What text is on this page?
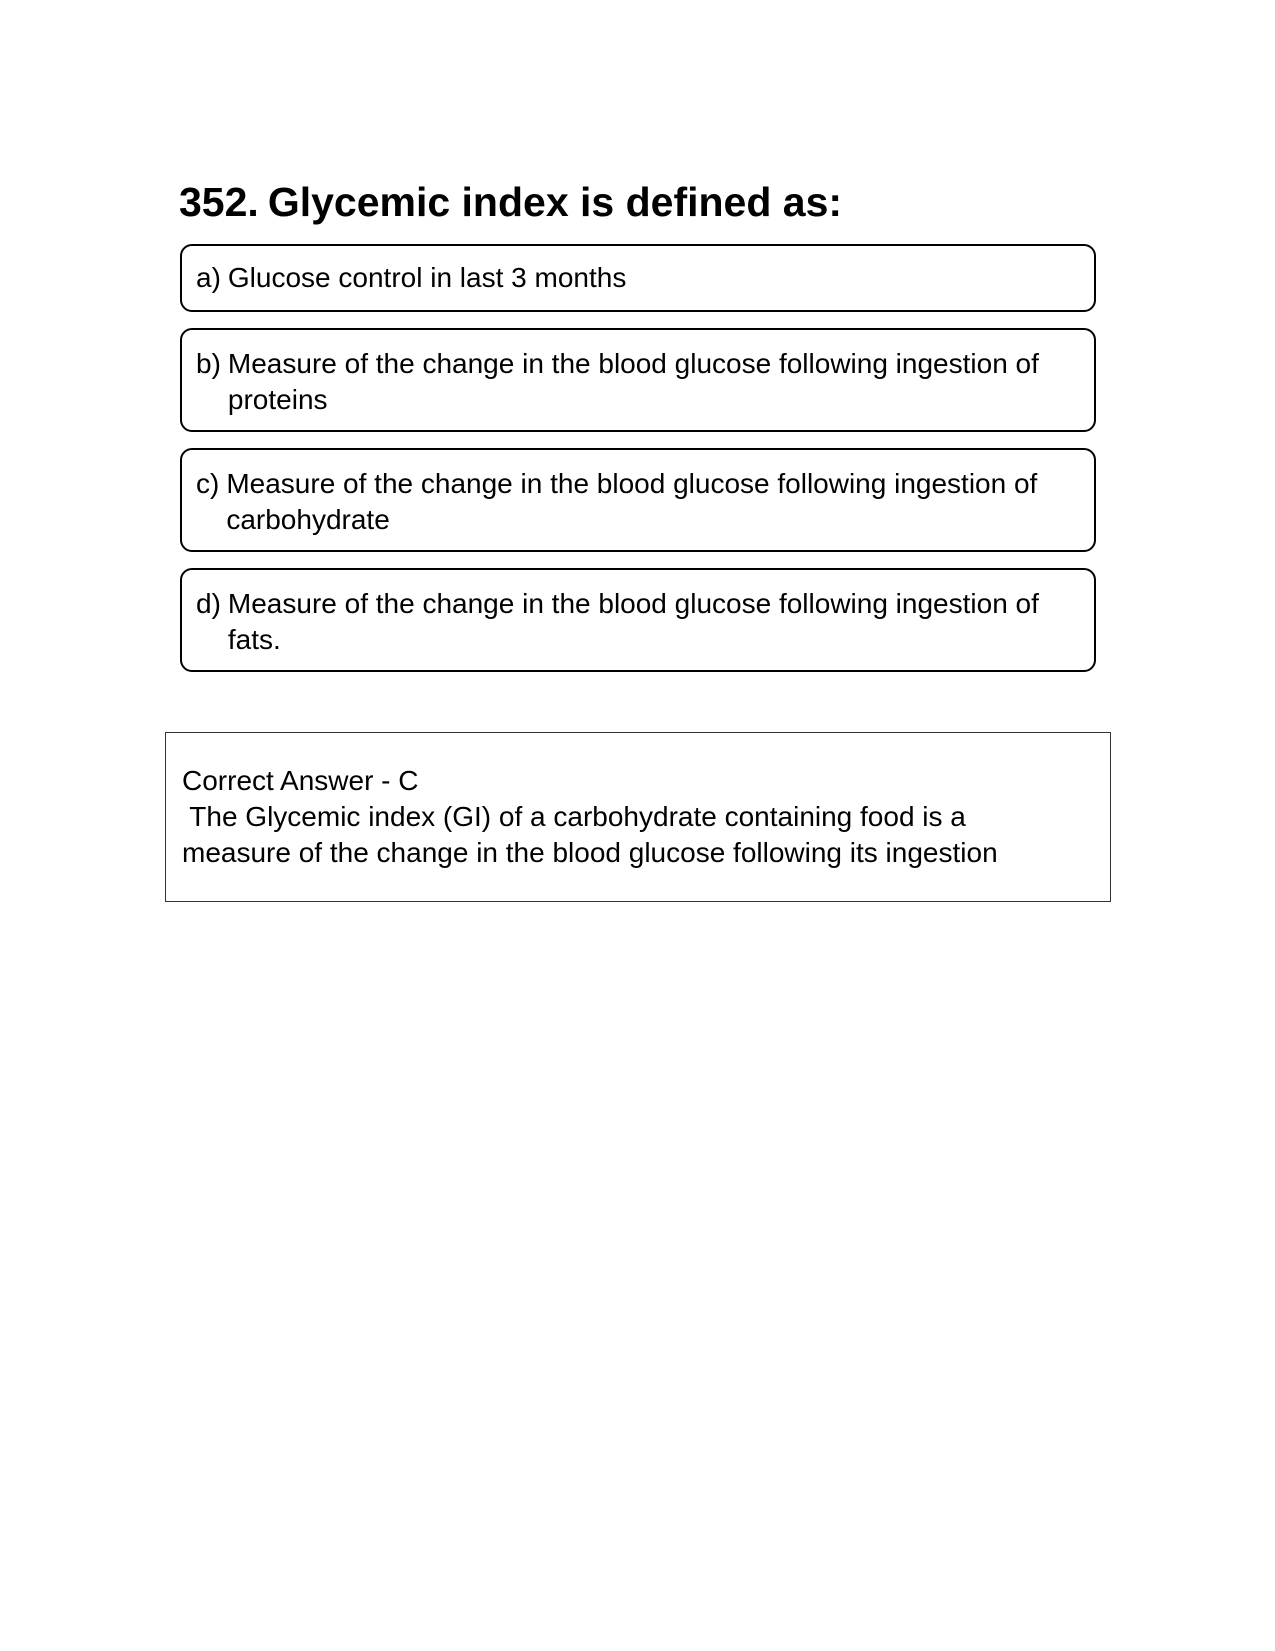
352. Glycemic index is defined as:
a) Glucose control in last 3 months
b) Measure of the change in the blood glucose following ingestion of proteins
c) Measure of the change in the blood glucose following ingestion of carbohydrate
d) Measure of the change in the blood glucose following ingestion of fats.
Correct Answer - C
The Glycemic index (GI) of a carbohydrate containing food is a
measure of the change in the blood glucose following its ingestion
